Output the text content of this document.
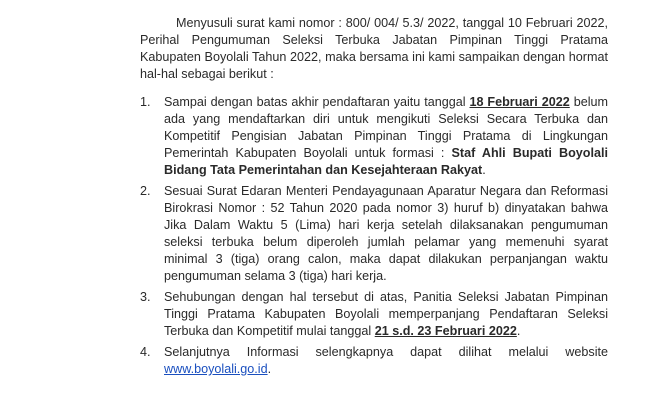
Menyusuli surat kami nomor : 800/ 004/ 5.3/ 2022, tanggal 10 Februari 2022, Perihal Pengumuman Seleksi Terbuka Jabatan Pimpinan Tinggi Pratama Kabupaten Boyolali Tahun 2022, maka bersama ini kami sampaikan dengan hormat hal-hal sebagai berikut :

1. Sampai dengan batas akhir pendaftaran yaitu tanggal 18 Februari 2022 belum ada yang mendaftarkan diri untuk mengikuti Seleksi Secara Terbuka dan Kompetitif Pengisian Jabatan Pimpinan Tinggi Pratama di Lingkungan Pemerintah Kabupaten Boyolali untuk formasi : Staf Ahli Bupati Boyolali Bidang Tata Pemerintahan dan Kesejahteraan Rakyat.
2. Sesuai Surat Edaran Menteri Pendayagunaan Aparatur Negara dan Reformasi Birokrasi Nomor : 52 Tahun 2020 pada nomor 3) huruf b) dinyatakan bahwa Jika Dalam Waktu 5 (Lima) hari kerja setelah dilaksanakan pengumuman seleksi terbuka belum diperoleh jumlah pelamar yang memenuhi syarat minimal 3 (tiga) orang calon, maka dapat dilakukan perpanjangan waktu pengumuman selama 3 (tiga) hari kerja.
3. Sehubungan dengan hal tersebut di atas, Panitia Seleksi Jabatan Pimpinan Tinggi Pratama Kabupaten Boyolali memperpanjang Pendaftaran Seleksi Terbuka dan Kompetitif mulai tanggal 21 s.d. 23 Februari 2022.
4. Selanjutnya Informasi selengkapnya dapat dilihat melalui website www.boyolali.go.id.
